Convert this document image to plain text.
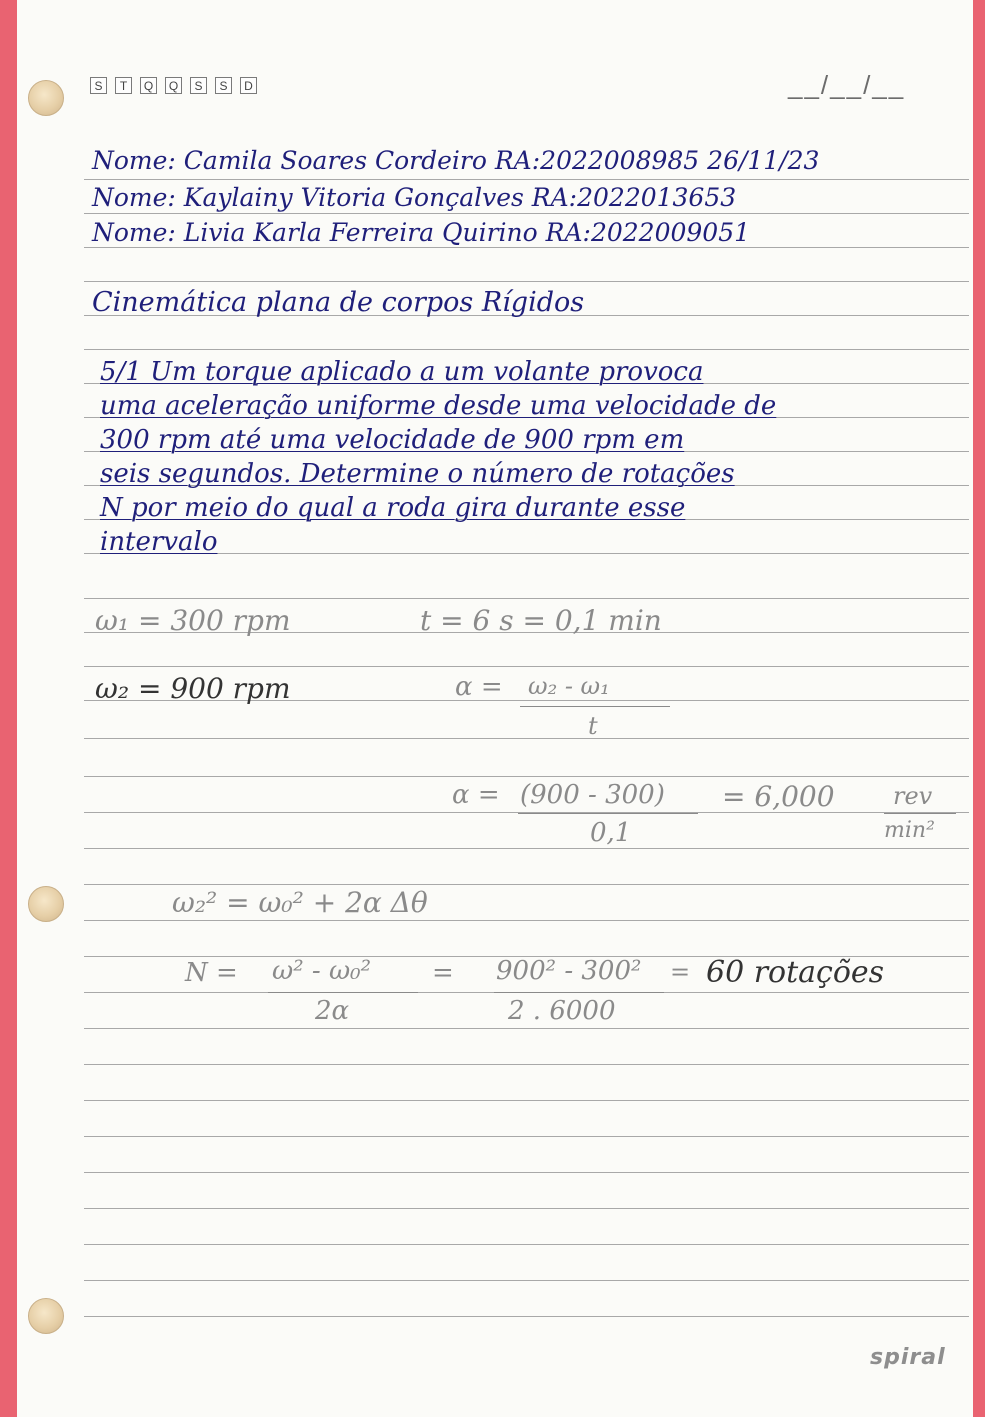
S	T	Q	Q	S	S	D	__/__/__
Nome: Camila Soares Cordeiro RA:2022008985 26/11/23
Nome: Kaylainy Vitoria Gonçalves RA:2022013653
Nome: Livia Karla Ferreira Quirino RA:2022009051
Cinemática plana de corpos Rígidos
5/1 Um torque aplicado a um volante provoca
uma aceleração uniforme desde uma velocidade de
300 rpm até uma velocidade de 900 rpm em
seis segundos. Determine o número de rotações
N por meio do qual a roda gira durante esse
intervalo
ω₁ = 300 rpm	t = 6 s = 0,1 min
ω₂ = 900 rpm	α = ω₂ - ω₁
t
α = (900 - 300)
0,1
= 6,000 rev
min²
ω₂² = ω₀² + 2α Δθ
N = ω² - ω₀²
2α
= 900² - 300²
2 . 6000
= 60 rotações
spiral
